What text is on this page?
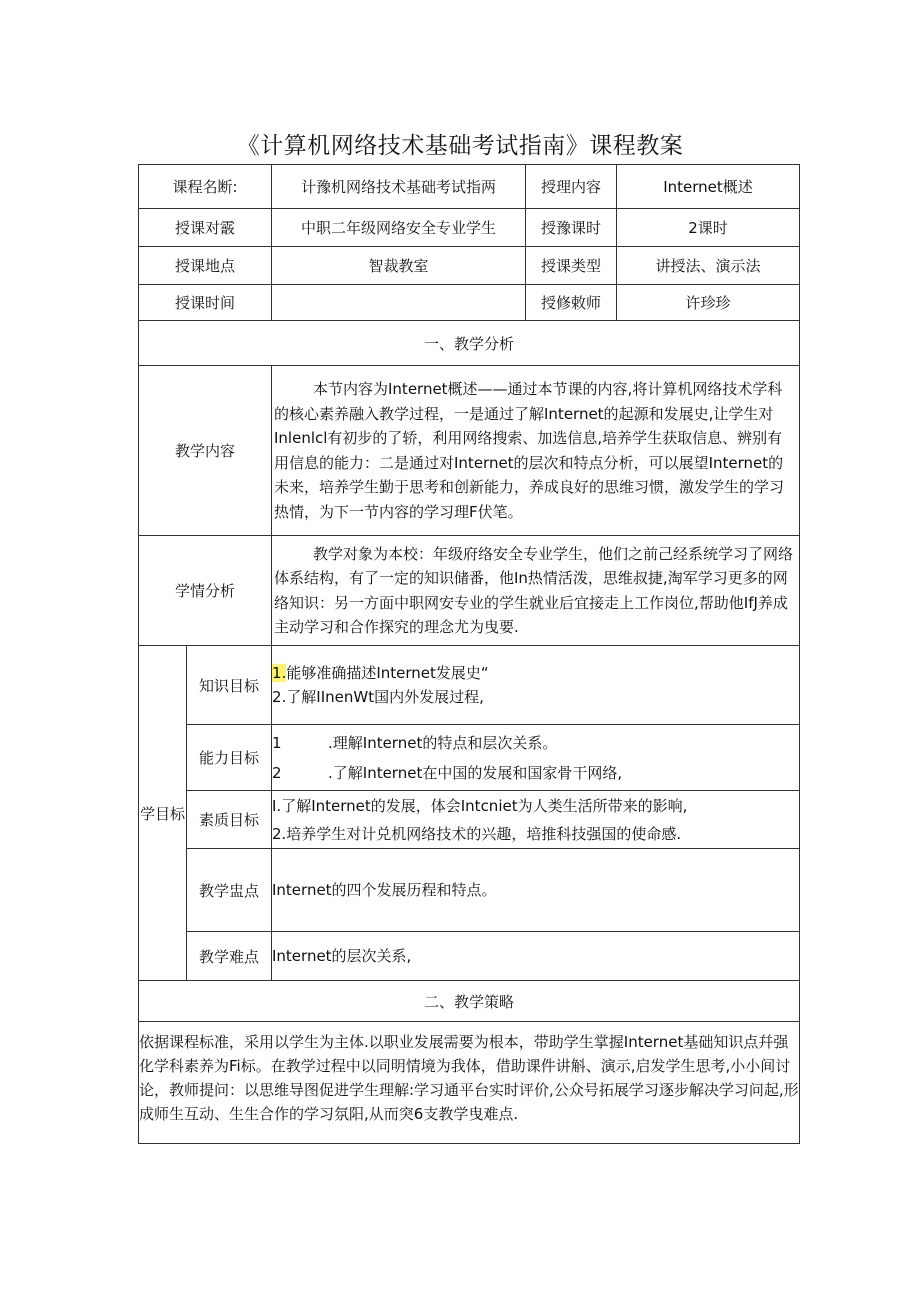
《计算机网络技术基础考试指南》课程教案
课程名断:		计豫机网络技术基础考试指两	授理内容	Internet概述
授课对霰		中职二年级网络安全专业学生	授豫课时	2课时
授课地点		智裁教室	授课类型	讲授法、演示法
授课时间			授修敕师	许珍珍
一、教学分析				
教学内容		本节内容为Internet概述——通过本节课的内容,将计算机网络技术学科的核心素养融入教学过程，一是通过了解Internet的起源和发展史,让学生对Inlenlcl有初步的了轿，利用网络搜索、加选信息,培养学生获取信息、辨别有用信息的能力：二是通过对Internet的层次和特点分析，可以展望Internet的未来，培养学生勤于思考和创新能力，养成良好的思维习惯，激发学生的学习热情，为下一节内容的学习理F伏笔。		

学情分析		教学对象为本校：年级府络安全专业学生，他们之前己经系统学习了网络体系结构，有了一定的知识储番，他In热情活泼，思维叔捷,淘军学习更多的网络知识：另一方面中职网安专业的学生就业后宜接走上工作岗位,帮助他IfJ养成主动学习和合作探究的理念尤为曳要.		

学目标	知识目标	1.能够准确描述Internet发展史“
2.了解IInenWt国内外发展过程,		

	能力目标	1 .理解Internet的特点和层次关系。
2 .了解Internet在中国的发展和国家骨干网络,		

	素质目标	I.了解Internet的发展，体会Intcniet为人类生活所带来的影响,
2.培养学生对计兑机网络技术的兴趣，培推科技强国的使命感.		

	教学盅点	Internet的四个发展历程和特点。		
	教学难点	Internet的层次关系,		
二、教学策略				
依据课程标准，采用以学生为主体.以职业发展需要为根本，带助学生掌握Internet基础知识点幷强化学科素养为Fi标。在教学过程中以同明情境为我体，借助课件讲斛、演示,启发学生思考,小小间讨论，教师提问：以思维导图促进学生理解:学习通平台实时评价,公众号拓展学习逐步解决学习问起,形成师生互动、生生合作的学习氛阳,从而突6支教学曳难点.				
